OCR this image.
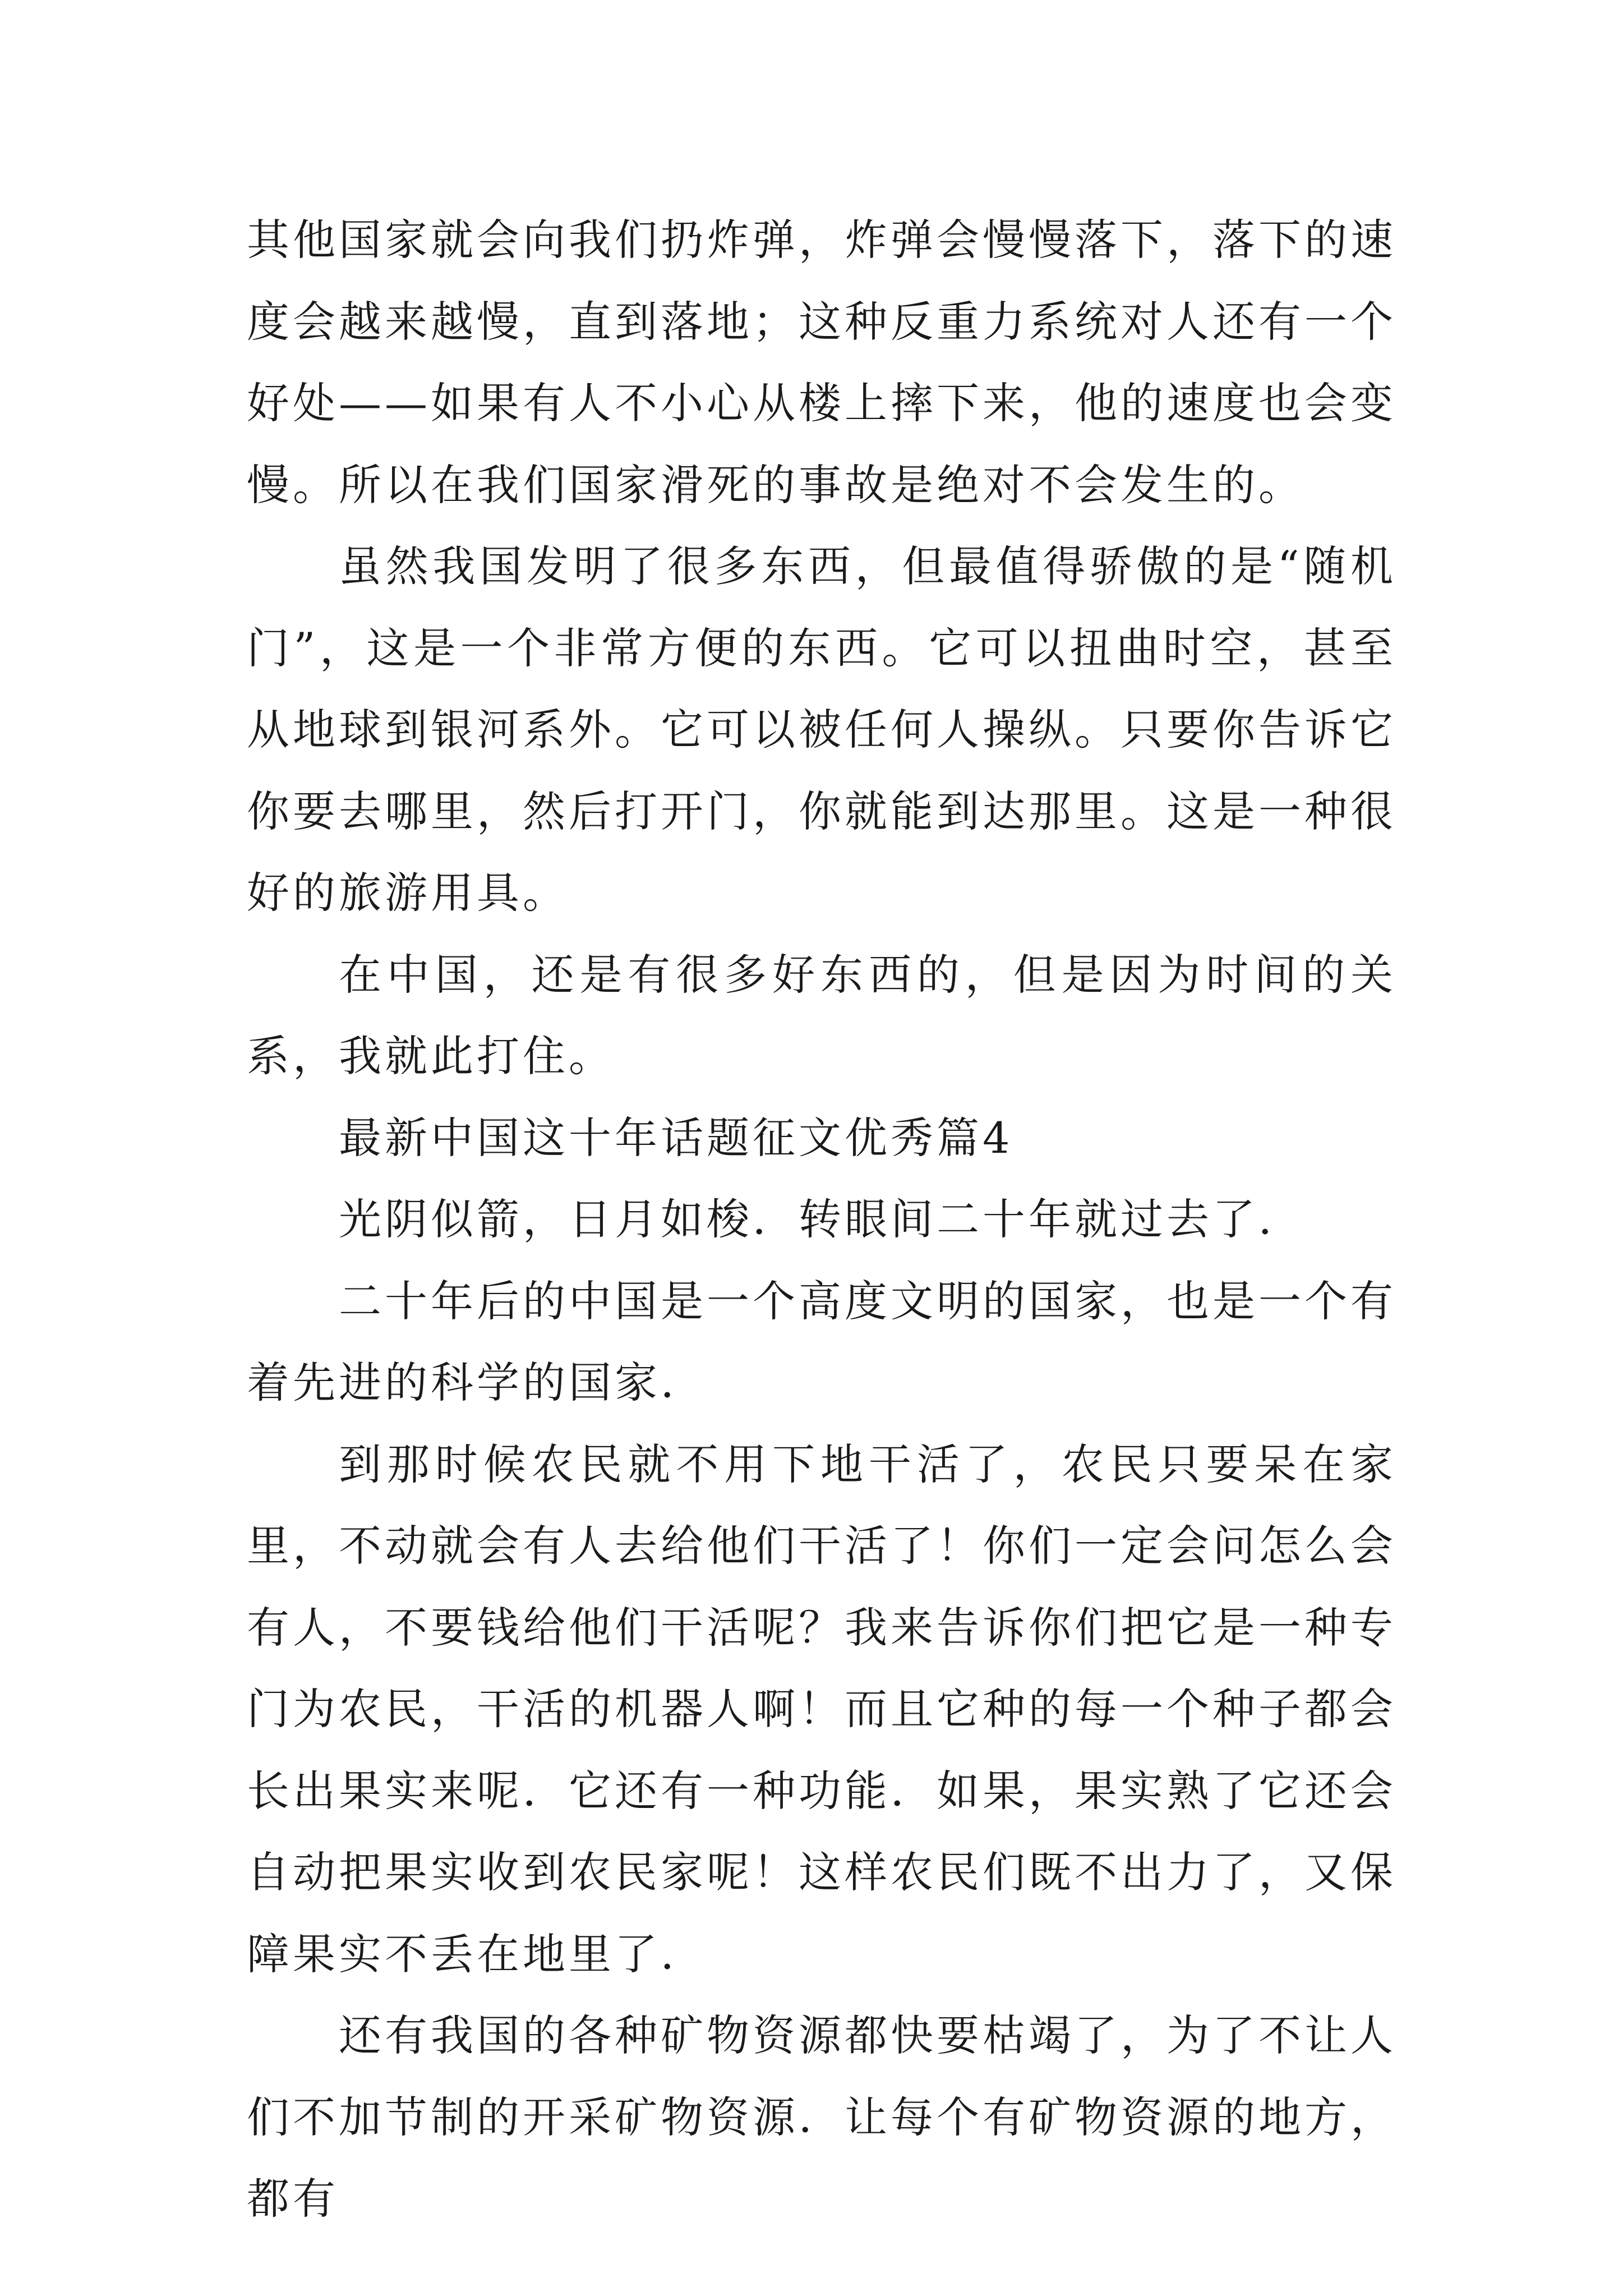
其他国家就会向我们扔炸弹，炸弹会慢慢落下，落下的速度会越来越慢，直到落地；这种反重力系统对人还有一个好处——如果有人不小心从楼上摔下来，他的速度也会变慢。所以在我们国家滑死的事故是绝对不会发生的。

虽然我国发明了很多东西，但最值得骄傲的是“随机门”，这是一个非常方便的东西。它可以扭曲时空，甚至从地球到银河系外。它可以被任何人操纵。只要你告诉它你要去哪里，然后打开门，你就能到达那里。这是一种很好的旅游用具。

在中国，还是有很多好东西的，但是因为时间的关系，我就此打住。

最新中国这十年话题征文优秀篇4

光阴似箭，日月如梭．转眼间二十年就过去了．

二十年后的中国是一个高度文明的国家，也是一个有着先进的科学的国家．

到那时候农民就不用下地干活了，农民只要呆在家里，不动就会有人去给他们干活了！你们一定会问怎么会有人，不要钱给他们干活呢？我来告诉你们把它是一种专门为农民，干活的机器人啊！而且它种的每一个种子都会长出果实来呢．它还有一种功能．如果，果实熟了它还会自动把果实收到农民家呢！这样农民们既不出力了，又保障果实不丢在地里了．

还有我国的各种矿物资源都快要枯竭了，为了不让人们不加节制的开采矿物资源．让每个有矿物资源的地方，都有
